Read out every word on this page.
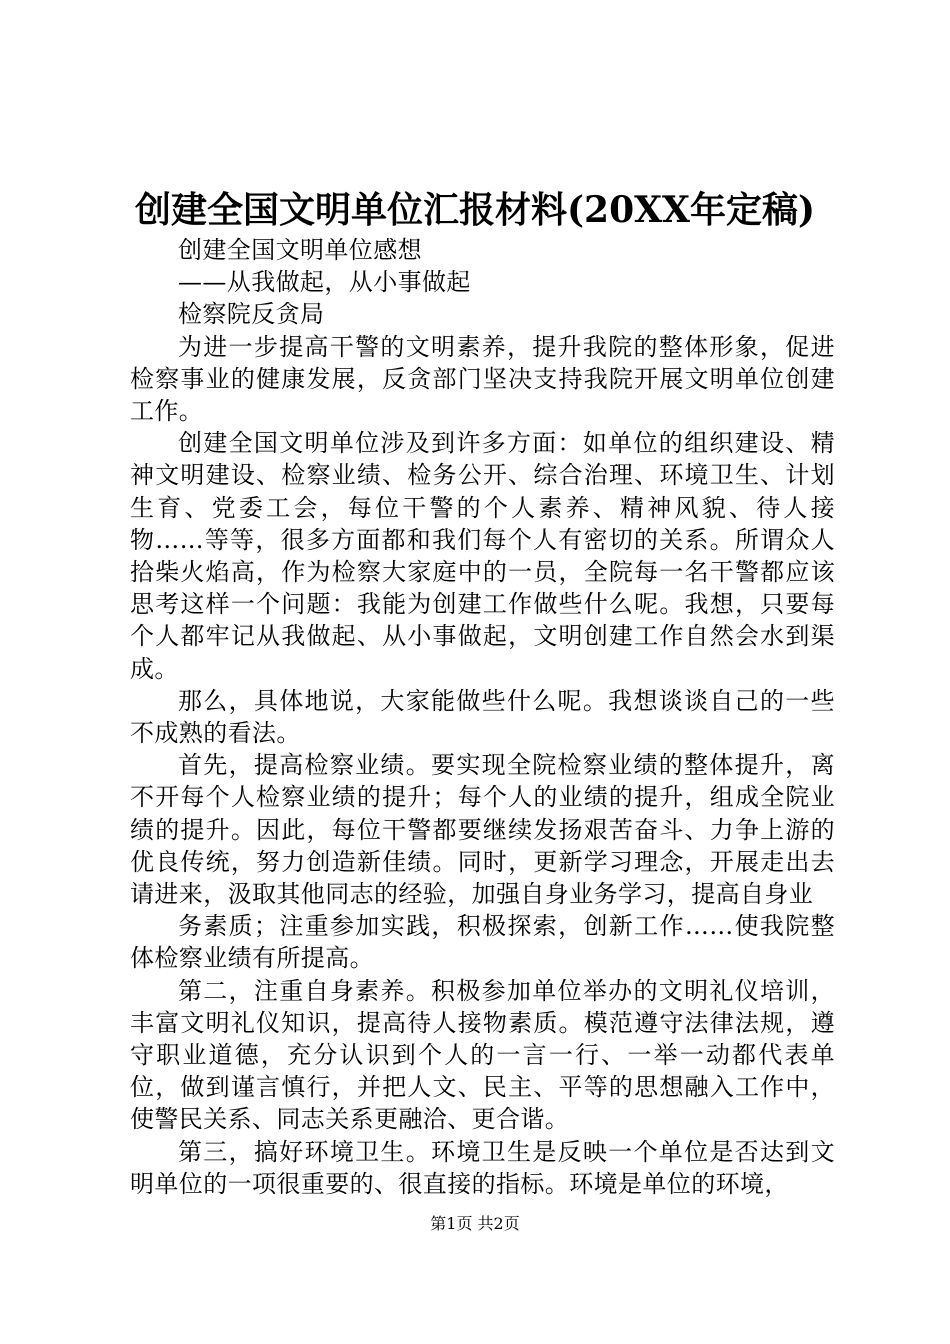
创建全国文明单位汇报材料(20XX年定稿)

创建全国文明单位感想

——从我做起，从小事做起

检察院反贪局

为进一步提高干警的文明素养，提升我院的整体形象，促进检察事业的健康发展，反贪部门坚决支持我院开展文明单位创建工作。

创建全国文明单位涉及到许多方面：如单位的组织建设、精神文明建设、检察业绩、检务公开、综合治理、环境卫生、计划生育、党委工会，每位干警的个人素养、精神风貌、待人接物……等等，很多方面都和我们每个人有密切的关系。所谓众人拾柴火焰高，作为检察大家庭中的一员，全院每一名干警都应该思考这样一个问题：我能为创建工作做些什么呢。我想，只要每个人都牢记从我做起、从小事做起，文明创建工作自然会水到渠成。

那么，具体地说，大家能做些什么呢。我想谈谈自己的一些不成熟的看法。

首先，提高检察业绩。要实现全院检察业绩的整体提升，离不开每个人检察业绩的提升；每个人的业绩的提升，组成全院业绩的提升。因此，每位干警都要继续发扬艰苦奋斗、力争上游的优良传统，努力创造新佳绩。同时，更新学习理念，开展走出去请进来，汲取其他同志的经验，加强自身业务学习，提高自身业

务素质；注重参加实践，积极探索，创新工作……使我院整体检察业绩有所提高。

第二，注重自身素养。积极参加单位举办的文明礼仪培训，丰富文明礼仪知识，提高待人接物素质。模范遵守法律法规，遵守职业道德，充分认识到个人的一言一行、一举一动都代表单位，做到谨言慎行，并把人文、民主、平等的思想融入工作中，使警民关系、同志关系更融洽、更合谐。

第三，搞好环境卫生。环境卫生是反映一个单位是否达到文明单位的一项很重要的、很直接的指标。环境是单位的环境，

第1页 共2页
